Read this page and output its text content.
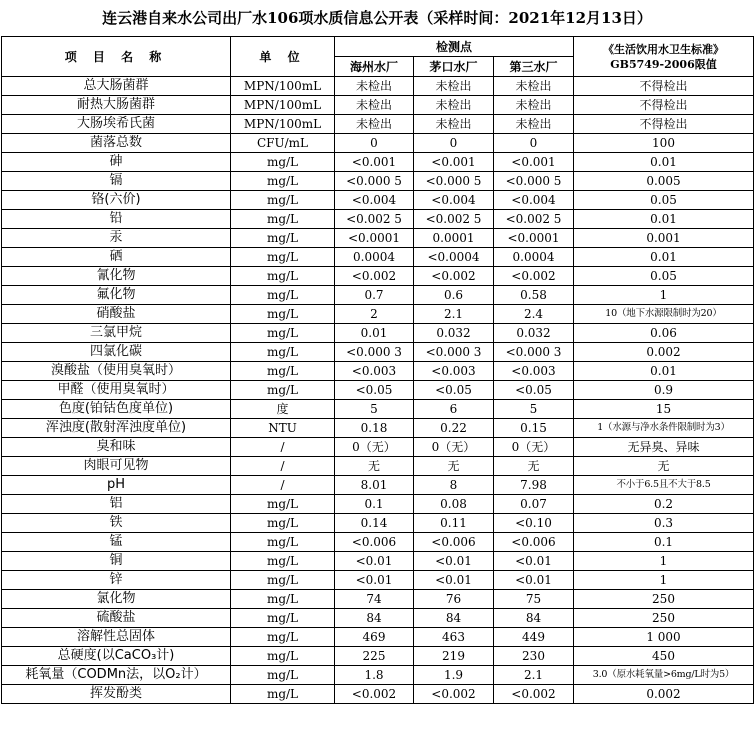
连云港自来水公司出厂水106项水质信息公开表（采样时间：2021年12月13日）
项 目 名 称	单 位	检测点			《生活饮用水卫生标准》
GB5749-2006限值

		海州水厂	茅口水厂	第三水厂	
总大肠菌群	MPN/100mL	未检出	未检出	未检出	不得检出
耐热大肠菌群	MPN/100mL	未检出	未检出	未检出	不得检出
大肠埃希氏菌	MPN/100mL	未检出	未检出	未检出	不得检出
菌落总数	CFU/mL	0	0	0	100
砷	mg/L	<0.001	<0.001	<0.001	0.01
镉	mg/L	<0.000 5	<0.000 5	<0.000 5	0.005
铬(六价)	mg/L	<0.004	<0.004	<0.004	0.05
铅	mg/L	<0.002 5	<0.002 5	<0.002 5	0.01
汞	mg/L	<0.0001	0.0001	<0.0001	0.001
硒	mg/L	0.0004	<0.0004	0.0004	0.01
氰化物	mg/L	<0.002	<0.002	<0.002	0.05
氟化物	mg/L	0.7	0.6	0.58	1
硝酸盐	mg/L	2	2.1	2.4	10（地下水源限制时为20）
三氯甲烷	mg/L	0.01	0.032	0.032	0.06
四氯化碳	mg/L	<0.000 3	<0.000 3	<0.000 3	0.002
溴酸盐（使用臭氧时）	mg/L	<0.003	<0.003	<0.003	0.01
甲醛（使用臭氧时）	mg/L	<0.05	<0.05	<0.05	0.9
色度(铂钴色度单位)	度	5	6	5	15
浑浊度(散射浑浊度单位)	NTU	0.18	0.22	0.15	1（水源与净水条件限制时为3）
臭和味	/	0（无）	0（无）	0（无）	无异臭、异味
肉眼可见物	/	无	无	无	无
pH	/	8.01	8	7.98	不小于6.5且不大于8.5
铝	mg/L	0.1	0.08	0.07	0.2
铁	mg/L	0.14	0.11	<0.10	0.3
锰	mg/L	<0.006	<0.006	<0.006	0.1
铜	mg/L	<0.01	<0.01	<0.01	1
锌	mg/L	<0.01	<0.01	<0.01	1
氯化物	mg/L	74	76	75	250
硫酸盐	mg/L	84	84	84	250
溶解性总固体	mg/L	469	463	449	1 000
总硬度(以CaCO₃计)	mg/L	225	219	230	450
耗氧量（CODMn法，以O₂计）	mg/L	1.8	1.9	2.1	3.0（原水耗氧量>6mg/L时为5）
挥发酚类	mg/L	<0.002	<0.002	<0.002	0.002
